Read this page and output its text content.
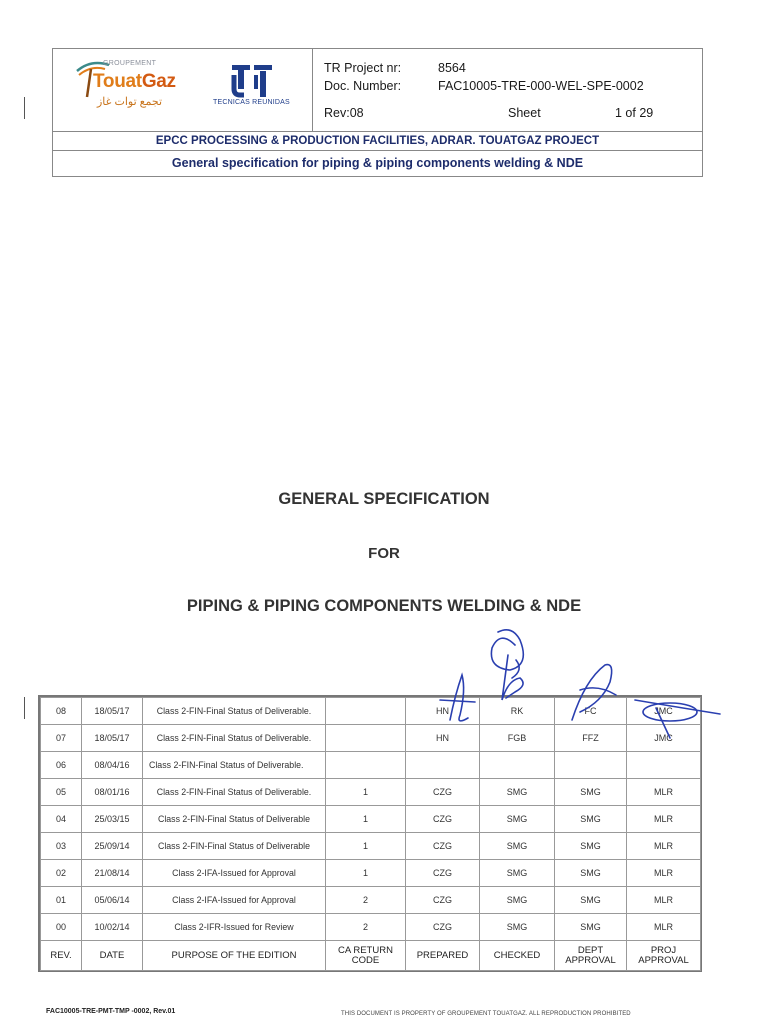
GROUPEMENT
TouatGaz
تجمع توات غاز	TECNICAS REUNIDAS
TR Project nr:	8564
Doc. Number:	FAC10005-TRE-000-WEL-SPE-0002
Rev:08	Sheet	1 of 29
EPCC PROCESSING & PRODUCTION FACILITIES, ADRAR. TOUATGAZ PROJECT
General specification for piping & piping components welding & NDE
GENERAL SPECIFICATION
FOR
PIPING & PIPING COMPONENTS WELDING & NDE
08	18/05/17	Class 2-FIN-Final Status of Deliverable.		HN	RK	FC	JMC
07	18/05/17	Class 2-FIN-Final Status of Deliverable.		HN	FGB	FFZ	JMC
06	08/04/16	Class 2-FIN-Final Status of Deliverable.					
05	08/01/16	Class 2-FIN-Final Status of Deliverable.	1	CZG	SMG	SMG	MLR
04	25/03/15	Class 2-FIN-Final Status of Deliverable	1	CZG	SMG	SMG	MLR
03	25/09/14	Class 2-FIN-Final Status of Deliverable	1	CZG	SMG	SMG	MLR
02	21/08/14	Class 2-IFA-Issued for Approval	1	CZG	SMG	SMG	MLR
01	05/06/14	Class 2-IFA-Issued for Approval	2	CZG	SMG	SMG	MLR
00	10/02/14	Class 2-IFR-Issued for Review	2	CZG	SMG	SMG	MLR
REV.	DATE	PURPOSE OF THE EDITION	CA RETURN CODE	PREPARED	CHECKED	DEPT APPROVAL	PROJ APPROVAL
FAC10005-TRE-PMT-TMP -0002, Rev.01	THIS DOCUMENT IS PROPERTY OF GROUPEMENT TOUATGAZ. ALL REPRODUCTION PROHIBITED
